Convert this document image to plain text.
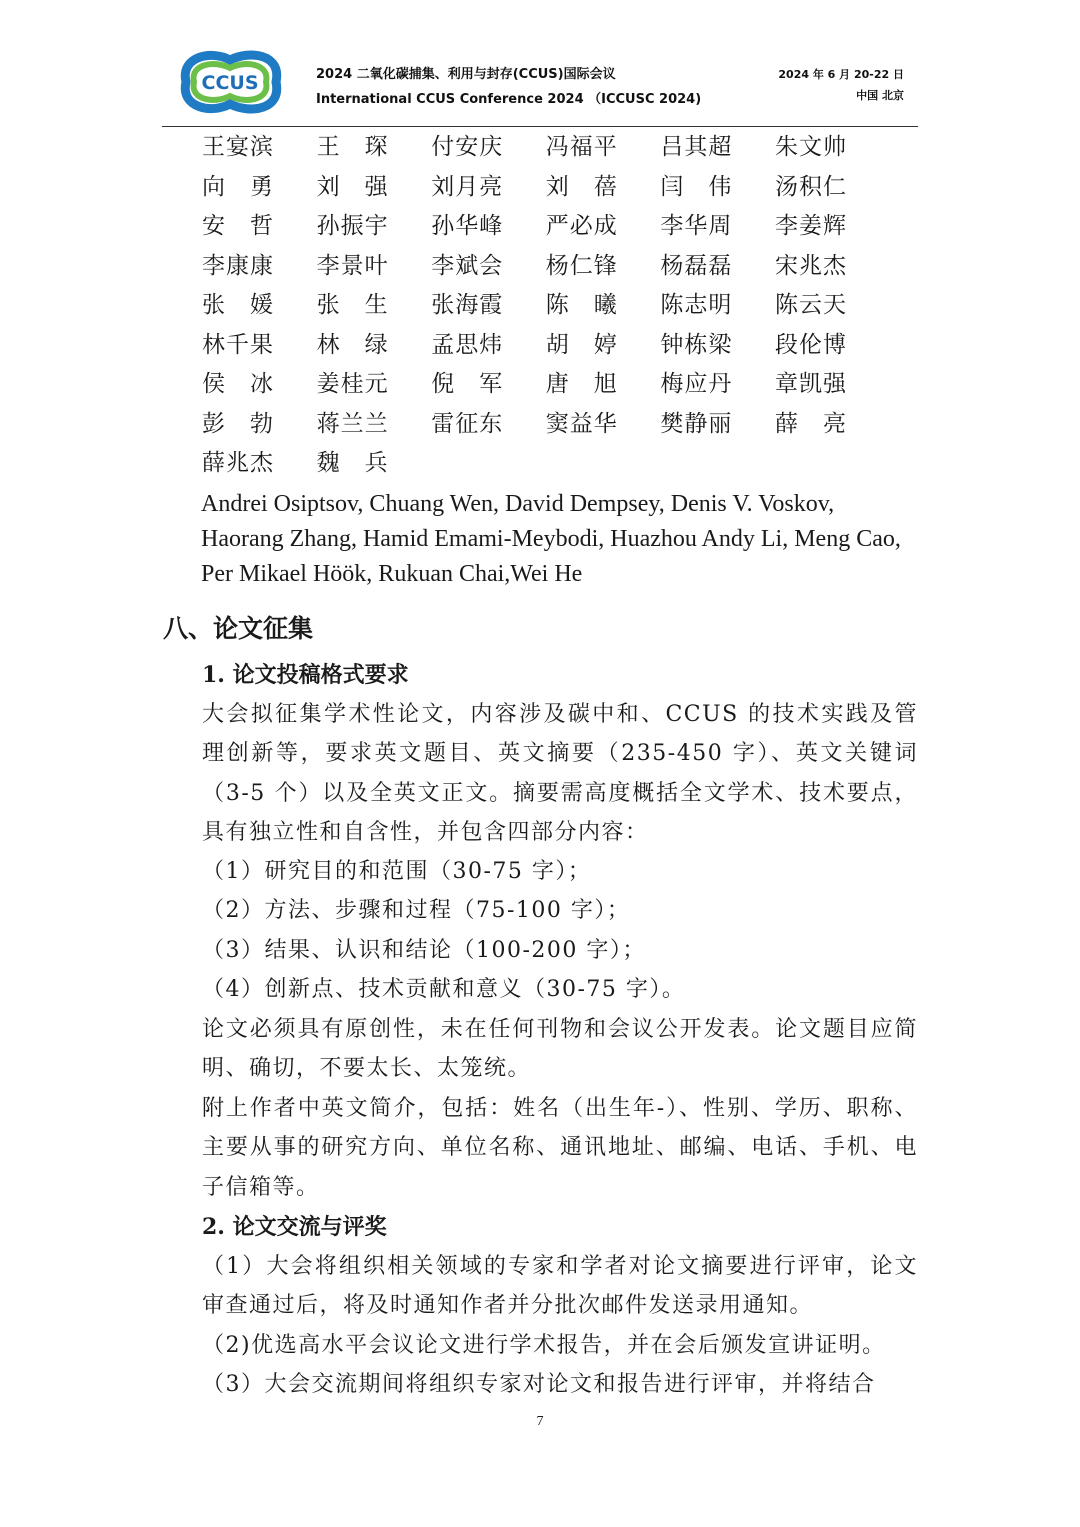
CCUS	2024 二氧化碳捕集、利用与封存(CCUS)国际会议
International CCUS Conference 2024 （ICCUSC 2024)
2024 年 6 月 20-22 日
中国 北京
王宴滨	王　琛	付安庆	冯福平	吕其超	朱文帅
向　勇	刘　强	刘月亮	刘　蓓	闫　伟	汤积仁
安　哲	孙振宇	孙华峰	严必成	李华周	李姜辉
李康康	李景叶	李斌会	杨仁锋	杨磊磊	宋兆杰
张　媛	张　生	张海霞	陈　曦	陈志明	陈云天
林千果	林　绿	孟思炜	胡　婷	钟栋梁	段伦博
侯　冰	姜桂元	倪　军	唐　旭	梅应丹	章凯强
彭　勃	蒋兰兰	雷征东	窦益华	樊静丽	薛　亮
薛兆杰	魏　兵
Andrei Osiptsov, Chuang Wen, David Dempsey, Denis V. Voskov, Haorang Zhang, Hamid Emami-Meybodi, Huazhou Andy Li, Meng Cao, Per Mikael Höök, Rukuan Chai,Wei He
八、论文征集
1. 论文投稿格式要求
大会拟征集学术性论文，内容涉及碳中和、CCUS 的技术实践及管理创新等，要求英文题目、英文摘要（235-450 字）、英文关键词（3-5 个）以及全英文正文。摘要需高度概括全文学术、技术要点，具有独立性和自含性，并包含四部分内容：
（1）研究目的和范围（30-75 字）；
（2）方法、步骤和过程（75-100 字）；
（3）结果、认识和结论（100-200 字）；
（4）创新点、技术贡献和意义（30-75 字）。
论文必须具有原创性，未在任何刊物和会议公开发表。论文题目应简明、确切，不要太长、太笼统。
附上作者中英文简介，包括：姓名（出生年-）、性别、学历、职称、主要从事的研究方向、单位名称、通讯地址、邮编、电话、手机、电子信箱等。
2. 论文交流与评奖
（1）大会将组织相关领域的专家和学者对论文摘要进行评审，论文审查通过后，将及时通知作者并分批次邮件发送录用通知。
（2)优选高水平会议论文进行学术报告，并在会后颁发宣讲证明。
（3）大会交流期间将组织专家对论文和报告进行评审，并将结合
7
